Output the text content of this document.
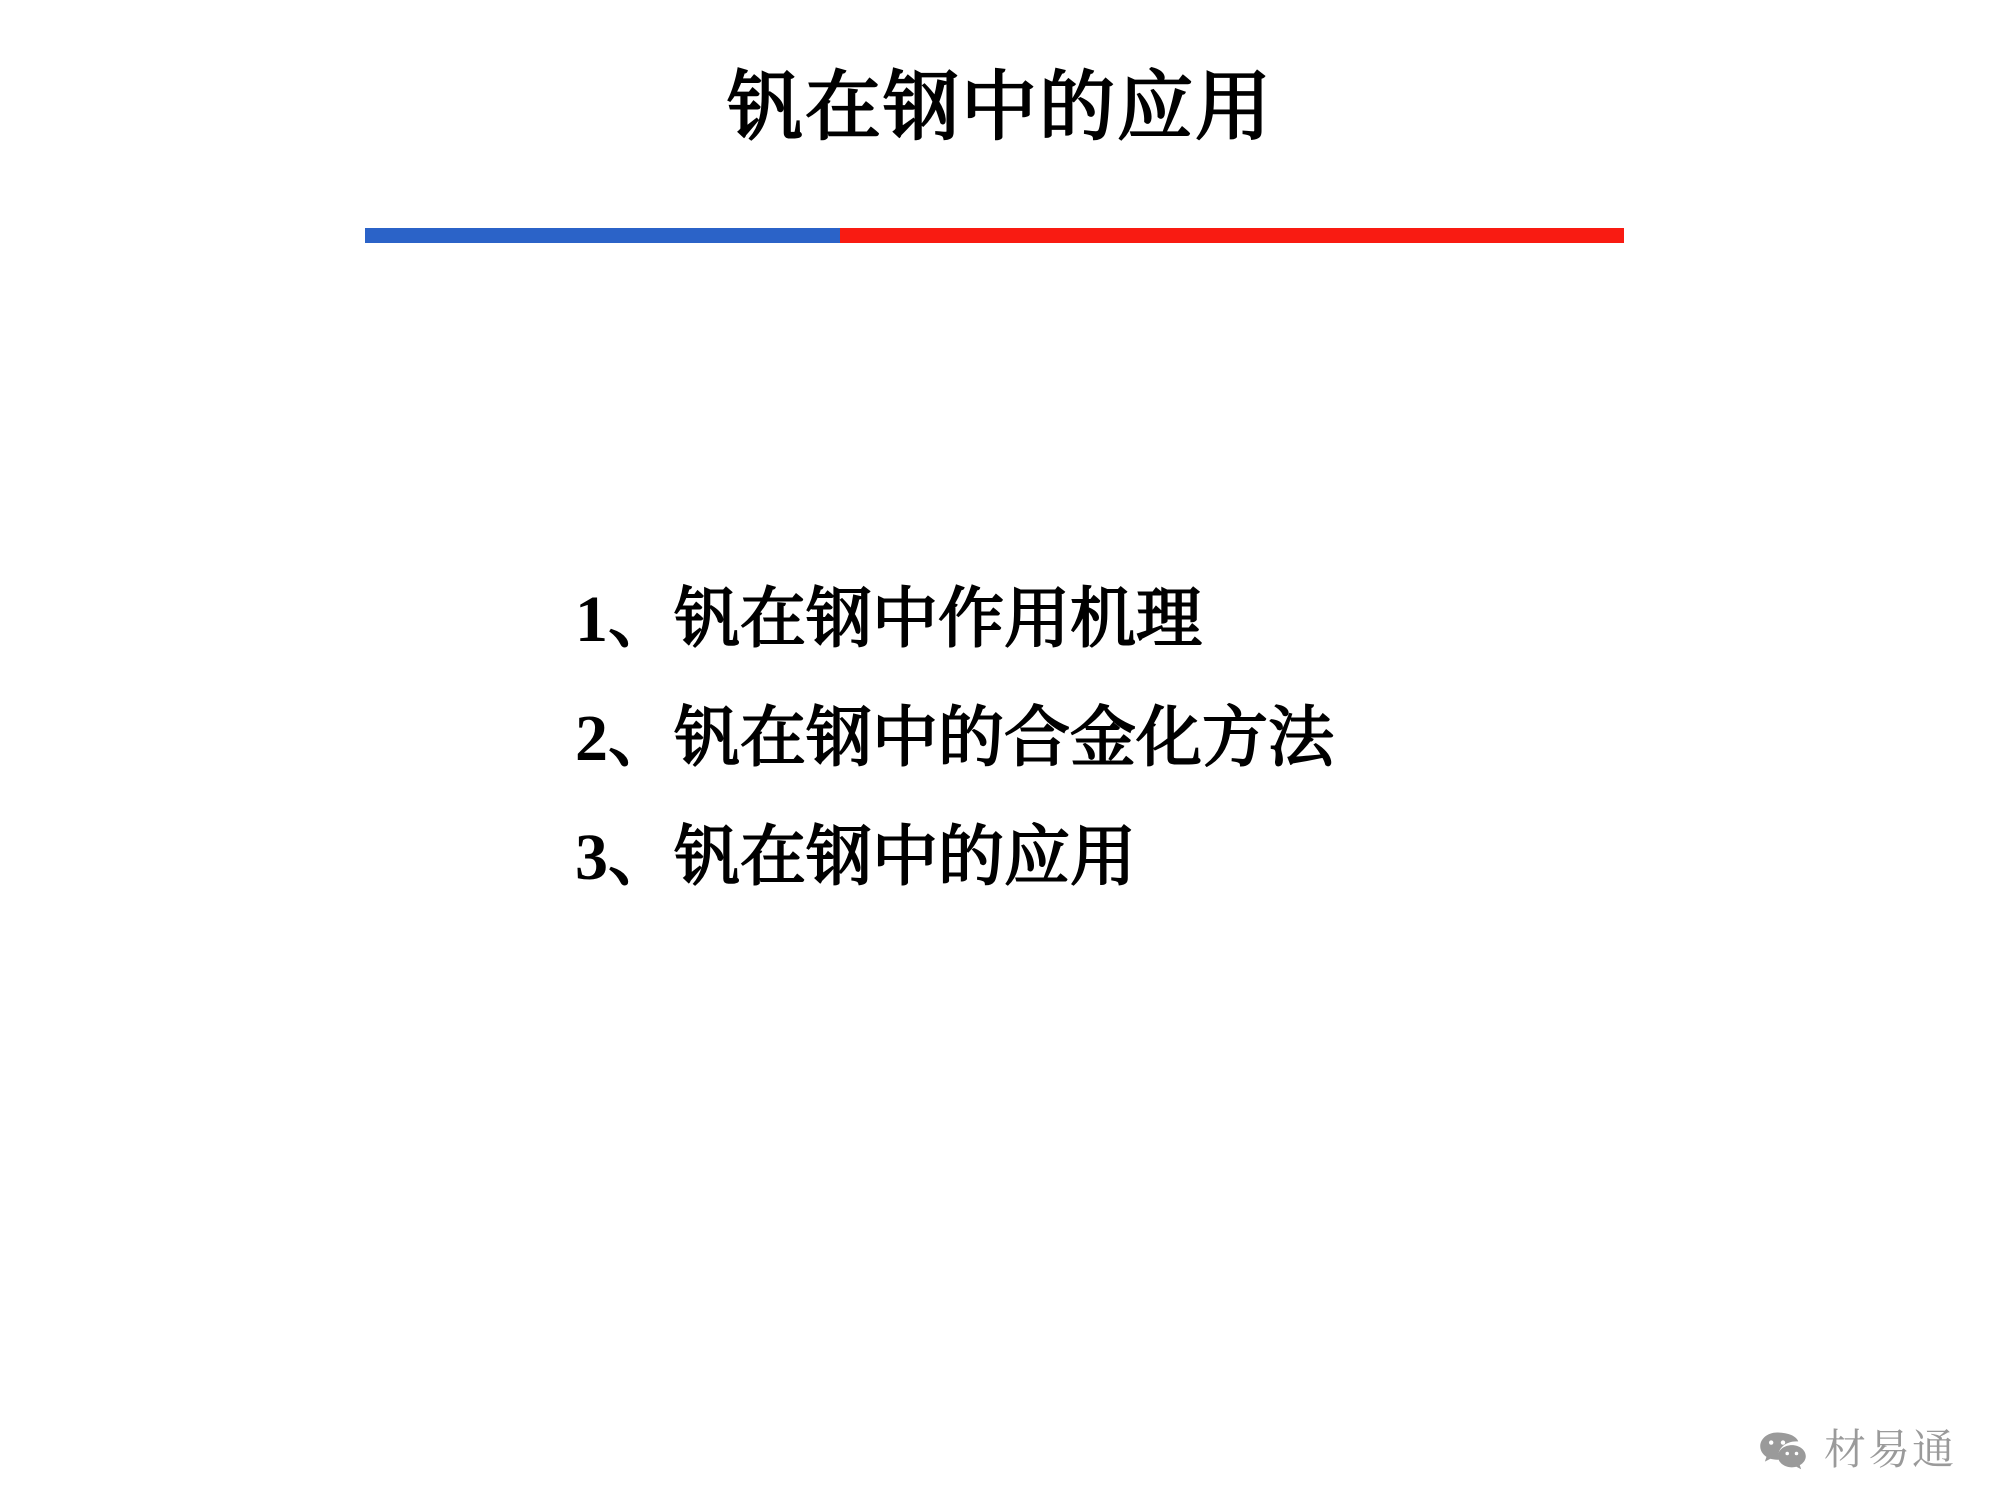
钒在钢中的应用
1、钒在钢中作用机理
2、钒在钢中的合金化方法
3、钒在钢中的应用
材易通
